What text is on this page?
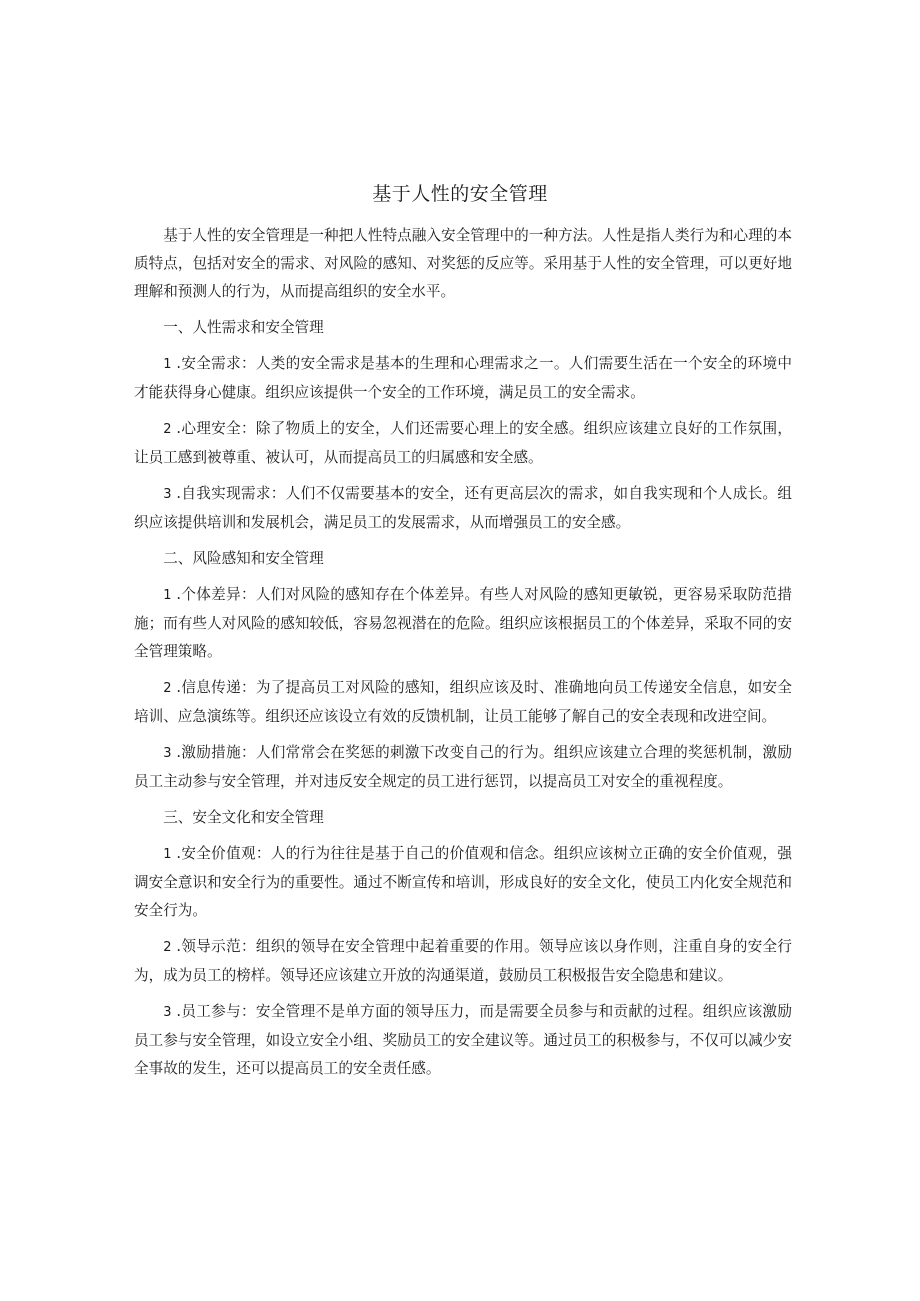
基于人性的安全管理

基于人性的安全管理是一种把人性特点融入安全管理中的一种方法。人性是指人类行为和心理的本质特点，包括对安全的需求、对风险的感知、对奖惩的反应等。采用基于人性的安全管理，可以更好地理解和预测人的行为，从而提高组织的安全水平。

一、人性需求和安全管理

1 .安全需求：人类的安全需求是基本的生理和心理需求之一。人们需要生活在一个安全的环境中才能获得身心健康。组织应该提供一个安全的工作环境，满足员工的安全需求。

2 .心理安全：除了物质上的安全，人们还需要心理上的安全感。组织应该建立良好的工作氛围，让员工感到被尊重、被认可，从而提高员工的归属感和安全感。

3 .自我实现需求：人们不仅需要基本的安全，还有更高层次的需求，如自我实现和个人成长。组织应该提供培训和发展机会，满足员工的发展需求，从而增强员工的安全感。

二、风险感知和安全管理

1 .个体差异：人们对风险的感知存在个体差异。有些人对风险的感知更敏锐，更容易采取防范措施；而有些人对风险的感知较低，容易忽视潜在的危险。组织应该根据员工的个体差异，采取不同的安全管理策略。

2 .信息传递：为了提高员工对风险的感知，组织应该及时、准确地向员工传递安全信息，如安全培训、应急演练等。组织还应该设立有效的反馈机制，让员工能够了解自己的安全表现和改进空间。

3 .激励措施：人们常常会在奖惩的刺激下改变自己的行为。组织应该建立合理的奖惩机制，激励员工主动参与安全管理，并对违反安全规定的员工进行惩罚，以提高员工对安全的重视程度。

三、安全文化和安全管理

1 .安全价值观：人的行为往往是基于自己的价值观和信念。组织应该树立正确的安全价值观，强调安全意识和安全行为的重要性。通过不断宣传和培训，形成良好的安全文化，使员工内化安全规范和安全行为。

2 .领导示范：组织的领导在安全管理中起着重要的作用。领导应该以身作则，注重自身的安全行为，成为员工的榜样。领导还应该建立开放的沟通渠道，鼓励员工积极报告安全隐患和建议。

3 .员工参与：安全管理不是单方面的领导压力，而是需要全员参与和贡献的过程。组织应该激励员工参与安全管理，如设立安全小组、奖励员工的安全建议等。通过员工的积极参与，不仅可以减少安全事故的发生，还可以提高员工的安全责任感。
